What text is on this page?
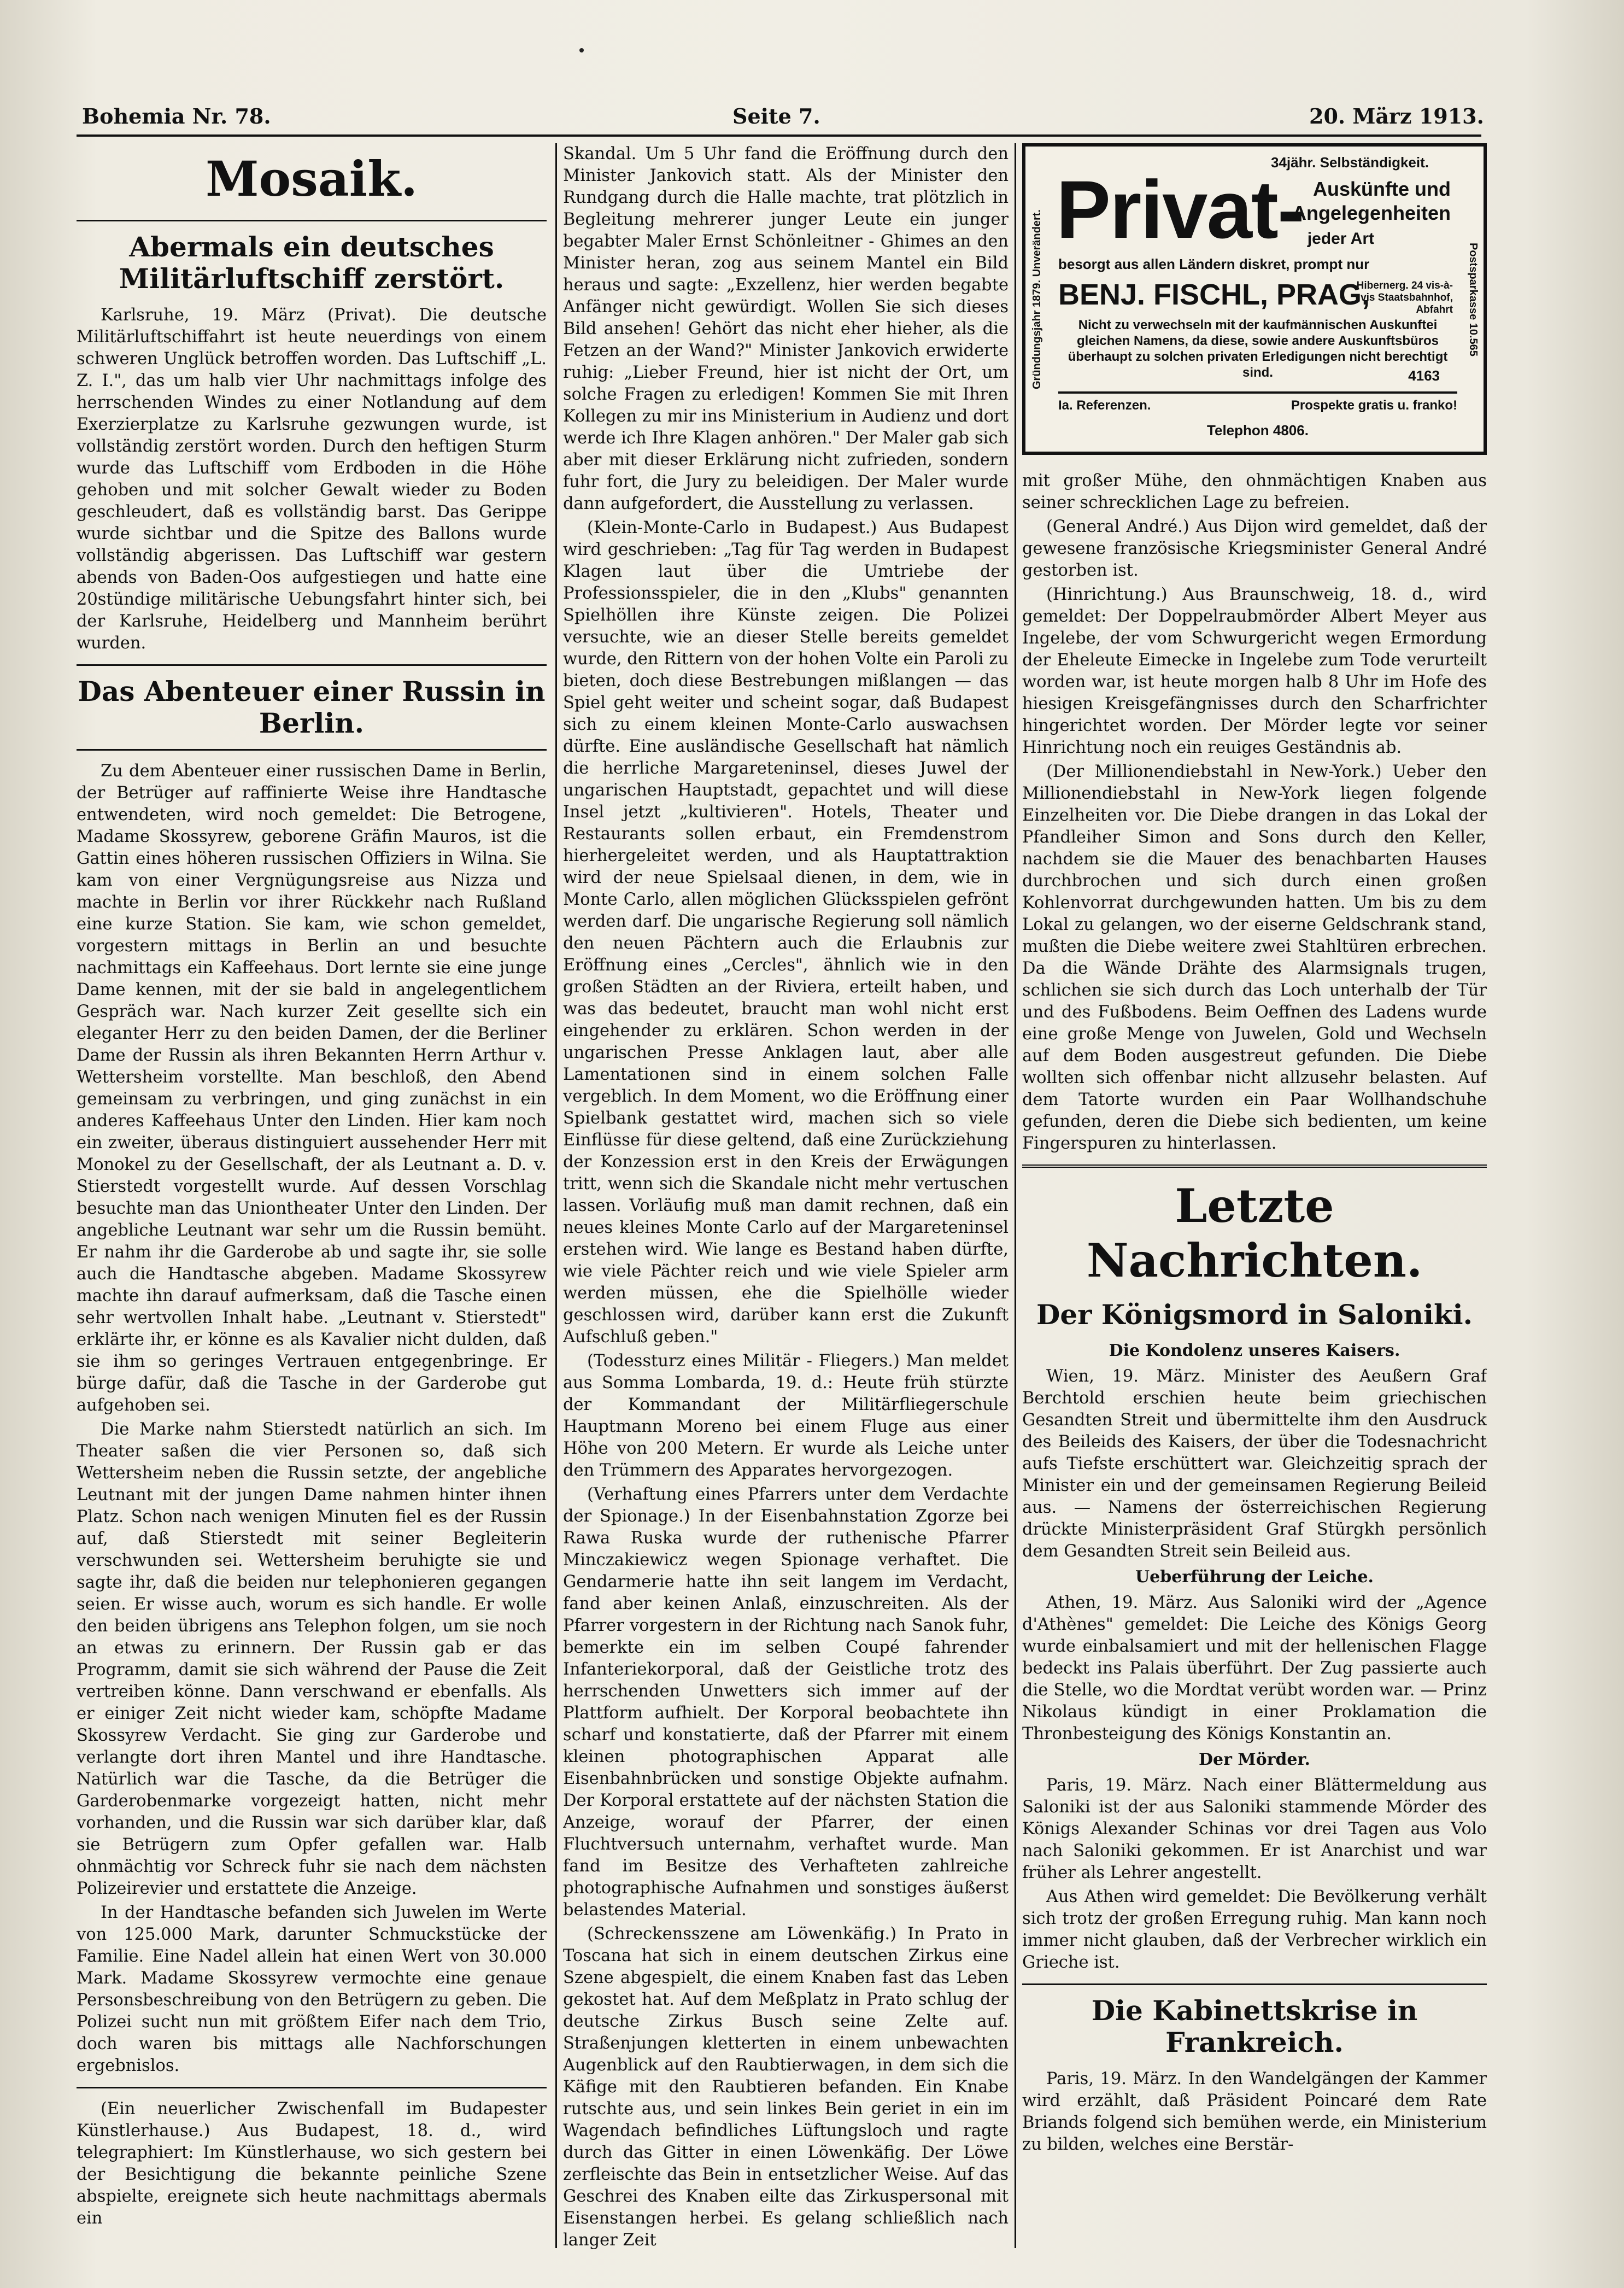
Bohemia Nr. 78.	Seite 7.	20. März 1913.
Mosaik.
Abermals ein deutsches Militärluftschiff zerstört.

Karlsruhe, 19. März (Privat). Die deutsche Militärluftschiffahrt ist heute neuerdings von einem schweren Unglück betroffen worden. Das Luftschiff „L. Z. I.", das um halb vier Uhr nachmittags infolge des herrschenden Windes zu einer Notlandung auf dem Exerzierplatze zu Karlsruhe gezwungen wurde, ist vollständig zerstört worden. Durch den heftigen Sturm wurde das Luftschiff vom Erdboden in die Höhe gehoben und mit solcher Gewalt wieder zu Boden geschleudert, daß es vollständig barst. Das Gerippe wurde sichtbar und die Spitze des Ballons wurde vollständig abgerissen. Das Luftschiff war gestern abends von Baden-Oos aufgestiegen und hatte eine 20stündige militärische Uebungsfahrt hinter sich, bei der Karlsruhe, Heidelberg und Mannheim berührt wurden.

Das Abenteuer einer Russin in Berlin.

Zu dem Abenteuer einer russischen Dame in Berlin, der Betrüger auf raffinierte Weise ihre Handtasche entwendeten, wird noch gemeldet: Die Betrogene, Madame Skossyrew, geborene Gräfin Mauros, ist die Gattin eines höheren russischen Offiziers in Wilna. Sie kam von einer Vergnügungsreise aus Nizza und machte in Berlin vor ihrer Rückkehr nach Rußland eine kurze Station. Sie kam, wie schon gemeldet, vorgestern mittags in Berlin an und besuchte nachmittags ein Kaffeehaus. Dort lernte sie eine junge Dame kennen, mit der sie bald in angelegentlichem Gespräch war. Nach kurzer Zeit gesellte sich ein eleganter Herr zu den beiden Damen, der die Berliner Dame der Russin als ihren Bekannten Herrn Arthur v. Wettersheim vorstellte. Man beschloß, den Abend gemeinsam zu verbringen, und ging zunächst in ein anderes Kaffeehaus Unter den Linden. Hier kam noch ein zweiter, überaus distinguiert aussehender Herr mit Monokel zu der Gesellschaft, der als Leutnant a. D. v. Stierstedt vorgestellt wurde. Auf dessen Vorschlag besuchte man das Uniontheater Unter den Linden. Der angebliche Leutnant war sehr um die Russin bemüht. Er nahm ihr die Garderobe ab und sagte ihr, sie solle auch die Handtasche abgeben. Madame Skossyrew machte ihn darauf aufmerksam, daß die Tasche einen sehr wertvollen Inhalt habe. „Leutnant v. Stierstedt" erklärte ihr, er könne es als Kavalier nicht dulden, daß sie ihm so geringes Vertrauen entgegenbringe. Er bürge dafür, daß die Tasche in der Garderobe gut aufgehoben sei.

Die Marke nahm Stierstedt natürlich an sich. Im Theater saßen die vier Personen so, daß sich Wettersheim neben die Russin setzte, der angebliche Leutnant mit der jungen Dame nahmen hinter ihnen Platz. Schon nach wenigen Minuten fiel es der Russin auf, daß Stierstedt mit seiner Begleiterin verschwunden sei. Wettersheim beruhigte sie und sagte ihr, daß die beiden nur telephonieren gegangen seien. Er wisse auch, worum es sich handle. Er wolle den beiden übrigens ans Telephon folgen, um sie noch an etwas zu erinnern. Der Russin gab er das Programm, damit sie sich während der Pause die Zeit vertreiben könne. Dann verschwand er ebenfalls. Als er einiger Zeit nicht wieder kam, schöpfte Madame Skossyrew Verdacht. Sie ging zur Garderobe und verlangte dort ihren Mantel und ihre Handtasche. Natürlich war die Tasche, da die Betrüger die Garderobenmarke vorgezeigt hatten, nicht mehr vorhanden, und die Russin war sich darüber klar, daß sie Betrügern zum Opfer gefallen war. Halb ohnmächtig vor Schreck fuhr sie nach dem nächsten Polizeirevier und erstattete die Anzeige.

In der Handtasche befanden sich Juwelen im Werte von 125.000 Mark, darunter Schmuckstücke der Familie. Eine Nadel allein hat einen Wert von 30.000 Mark. Madame Skossyrew vermochte eine genaue Personsbeschreibung von den Betrügern zu geben. Die Polizei sucht nun mit größtem Eifer nach dem Trio, doch waren bis mittags alle Nachforschungen ergebnislos.

(Ein neuerlicher Zwischenfall im Budapester Künstlerhause.) Aus Budapest, 18. d., wird telegraphiert: Im Künstlerhause, wo sich gestern bei der Besichtigung die bekannte peinliche Szene abspielte, ereignete sich heute nachmittags abermals ein

Skandal. Um 5 Uhr fand die Eröffnung durch den Minister Jankovich statt. Als der Minister den Rundgang durch die Halle machte, trat plötzlich in Begleitung mehrerer junger Leute ein junger begabter Maler Ernst Schönleitner - Ghimes an den Minister heran, zog aus seinem Mantel ein Bild heraus und sagte: „Exzellenz, hier werden begabte Anfänger nicht gewürdigt. Wollen Sie sich dieses Bild ansehen! Gehört das nicht eher hieher, als die Fetzen an der Wand?" Minister Jankovich erwiderte ruhig: „Lieber Freund, hier ist nicht der Ort, um solche Fragen zu erledigen! Kommen Sie mit Ihren Kollegen zu mir ins Ministerium in Audienz und dort werde ich Ihre Klagen anhören." Der Maler gab sich aber mit dieser Erklärung nicht zufrieden, sondern fuhr fort, die Jury zu beleidigen. Der Maler wurde dann aufgefordert, die Ausstellung zu verlassen.

(Klein-Monte-Carlo in Budapest.) Aus Budapest wird geschrieben: „Tag für Tag werden in Budapest Klagen laut über die Umtriebe der Professionsspieler, die in den „Klubs" genannten Spielhöllen ihre Künste zeigen. Die Polizei versuchte, wie an dieser Stelle bereits gemeldet wurde, den Rittern von der hohen Volte ein Paroli zu bieten, doch diese Bestrebungen mißlangen — das Spiel geht weiter und scheint sogar, daß Budapest sich zu einem kleinen Monte-Carlo auswachsen dürfte. Eine ausländische Gesellschaft hat nämlich die herrliche Margareteninsel, dieses Juwel der ungarischen Hauptstadt, gepachtet und will diese Insel jetzt „kultivieren". Hotels, Theater und Restaurants sollen erbaut, ein Fremdenstrom hierhergeleitet werden, und als Hauptattraktion wird der neue Spielsaal dienen, in dem, wie in Monte Carlo, allen möglichen Glücksspielen gefrönt werden darf. Die ungarische Regierung soll nämlich den neuen Pächtern auch die Erlaubnis zur Eröffnung eines „Cercles", ähnlich wie in den großen Städten an der Riviera, erteilt haben, und was das bedeutet, braucht man wohl nicht erst eingehender zu erklären. Schon werden in der ungarischen Presse Anklagen laut, aber alle Lamentationen sind in einem solchen Falle vergeblich. In dem Moment, wo die Eröffnung einer Spielbank gestattet wird, machen sich so viele Einflüsse für diese geltend, daß eine Zurückziehung der Konzession erst in den Kreis der Erwägungen tritt, wenn sich die Skandale nicht mehr vertuschen lassen. Vorläufig muß man damit rechnen, daß ein neues kleines Monte Carlo auf der Margareteninsel erstehen wird. Wie lange es Bestand haben dürfte, wie viele Pächter reich und wie viele Spieler arm werden müssen, ehe die Spielhölle wieder geschlossen wird, darüber kann erst die Zukunft Aufschluß geben."

(Todessturz eines Militär - Fliegers.) Man meldet aus Somma Lombarda, 19. d.: Heute früh stürzte der Kommandant der Militärfliegerschule Hauptmann Moreno bei einem Fluge aus einer Höhe von 200 Metern. Er wurde als Leiche unter den Trümmern des Apparates hervorgezogen.

(Verhaftung eines Pfarrers unter dem Verdachte der Spionage.) In der Eisenbahnstation Zgorze bei Rawa Ruska wurde der ruthenische Pfarrer Minczakiewicz wegen Spionage verhaftet. Die Gendarmerie hatte ihn seit langem im Verdacht, fand aber keinen Anlaß, einzuschreiten. Als der Pfarrer vorgestern in der Richtung nach Sanok fuhr, bemerkte ein im selben Coupé fahrender Infanteriekorporal, daß der Geistliche trotz des herrschenden Unwetters sich immer auf der Plattform aufhielt. Der Korporal beobachtete ihn scharf und konstatierte, daß der Pfarrer mit einem kleinen photographischen Apparat alle Eisenbahnbrücken und sonstige Objekte aufnahm. Der Korporal erstattete auf der nächsten Station die Anzeige, worauf der Pfarrer, der einen Fluchtversuch unternahm, verhaftet wurde. Man fand im Besitze des Verhafteten zahlreiche photographische Aufnahmen und sonstiges äußerst belastendes Material.

(Schreckensszene am Löwenkäfig.) In Prato in Toscana hat sich in einem deutschen Zirkus eine Szene abgespielt, die einem Knaben fast das Leben gekostet hat. Auf dem Meßplatz in Prato schlug der deutsche Zirkus Busch seine Zelte auf. Straßenjungen kletterten in einem unbewachten Augenblick auf den Raubtierwagen, in dem sich die Käfige mit den Raubtieren befanden. Ein Knabe rutschte aus, und sein linkes Bein geriet in ein im Wagendach befindliches Lüftungsloch und ragte durch das Gitter in einen Löwenkäfig. Der Löwe zerfleischte das Bein in entsetzlicher Weise. Auf das Geschrei des Knaben eilte das Zirkuspersonal mit Eisenstangen herbei. Es gelang schließlich nach langer Zeit

Gründungsjahr 1879. Unverändert.	Postsparkasse 10.565
34jähr. Selbständigkeit.
Privat- Auskünfte und
Angelegenheiten
jeder Art
besorgt aus allen Ländern diskret, prompt nur
BENJ. FISCHL, PRAG,
Hibernerg. 24 vis-à-vis Staatsbahnhof, Abfahrt
Nicht zu verwechseln mit der kaufmännischen Auskunftei gleichen Namens, da diese, sowie andere Auskunftsbüros überhaupt zu solchen privaten Erledigungen nicht berechtigt sind.	4163
Ia. Referenzen.	Prospekte gratis u. franko!
Telephon 4806.

mit großer Mühe, den ohnmächtigen Knaben aus seiner schrecklichen Lage zu befreien.

(General André.) Aus Dijon wird gemeldet, daß der gewesene französische Kriegsminister General André gestorben ist.

(Hinrichtung.) Aus Braunschweig, 18. d., wird gemeldet: Der Doppelraubmörder Albert Meyer aus Ingelebe, der vom Schwurgericht wegen Ermordung der Eheleute Eimecke in Ingelebe zum Tode verurteilt worden war, ist heute morgen halb 8 Uhr im Hofe des hiesigen Kreisgefängnisses durch den Scharfrichter hingerichtet worden. Der Mörder legte vor seiner Hinrichtung noch ein reuiges Geständnis ab.

(Der Millionendiebstahl in New-York.) Ueber den Millionendiebstahl in New-York liegen folgende Einzelheiten vor. Die Diebe drangen in das Lokal der Pfandleiher Simon and Sons durch den Keller, nachdem sie die Mauer des benachbarten Hauses durchbrochen und sich durch einen großen Kohlenvorrat durchgewunden hatten. Um bis zu dem Lokal zu gelangen, wo der eiserne Geldschrank stand, mußten die Diebe weitere zwei Stahltüren erbrechen. Da die Wände Drähte des Alarmsignals trugen, schlichen sie sich durch das Loch unterhalb der Tür und des Fußbodens. Beim Oeffnen des Ladens wurde eine große Menge von Juwelen, Gold und Wechseln auf dem Boden ausgestreut gefunden. Die Diebe wollten sich offenbar nicht allzusehr belasten. Auf dem Tatorte wurden ein Paar Wollhandschuhe gefunden, deren die Diebe sich bedienten, um keine Fingerspuren zu hinterlassen.

Letzte Nachrichten.
Der Königsmord in Saloniki.
Die Kondolenz unseres Kaisers.

Wien, 19. März. Minister des Aeußern Graf Berchtold erschien heute beim griechischen Gesandten Streit und übermittelte ihm den Ausdruck des Beileids des Kaisers, der über die Todesnachricht aufs Tiefste erschüttert war. Gleichzeitig sprach der Minister ein und der gemeinsamen Regierung Beileid aus. — Namens der österreichischen Regierung drückte Ministerpräsident Graf Stürgkh persönlich dem Gesandten Streit sein Beileid aus.

Ueberführung der Leiche.

Athen, 19. März. Aus Saloniki wird der „Agence d'Athènes" gemeldet: Die Leiche des Königs Georg wurde einbalsamiert und mit der hellenischen Flagge bedeckt ins Palais überführt. Der Zug passierte auch die Stelle, wo die Mordtat verübt worden war. — Prinz Nikolaus kündigt in einer Proklamation die Thronbesteigung des Königs Konstantin an.

Der Mörder.

Paris, 19. März. Nach einer Blättermeldung aus Saloniki ist der aus Saloniki stammende Mörder des Königs Alexander Schinas vor drei Tagen aus Volo nach Saloniki gekommen. Er ist Anarchist und war früher als Lehrer angestellt.

Aus Athen wird gemeldet: Die Bevölkerung verhält sich trotz der großen Erregung ruhig. Man kann noch immer nicht glauben, daß der Verbrecher wirklich ein Grieche ist.

Die Kabinettskrise in Frankreich.

Paris, 19. März. In den Wandelgängen der Kammer wird erzählt, daß Präsident Poincaré dem Rate Briands folgend sich bemühen werde, ein Ministerium zu bilden, welches eine Berstär-
